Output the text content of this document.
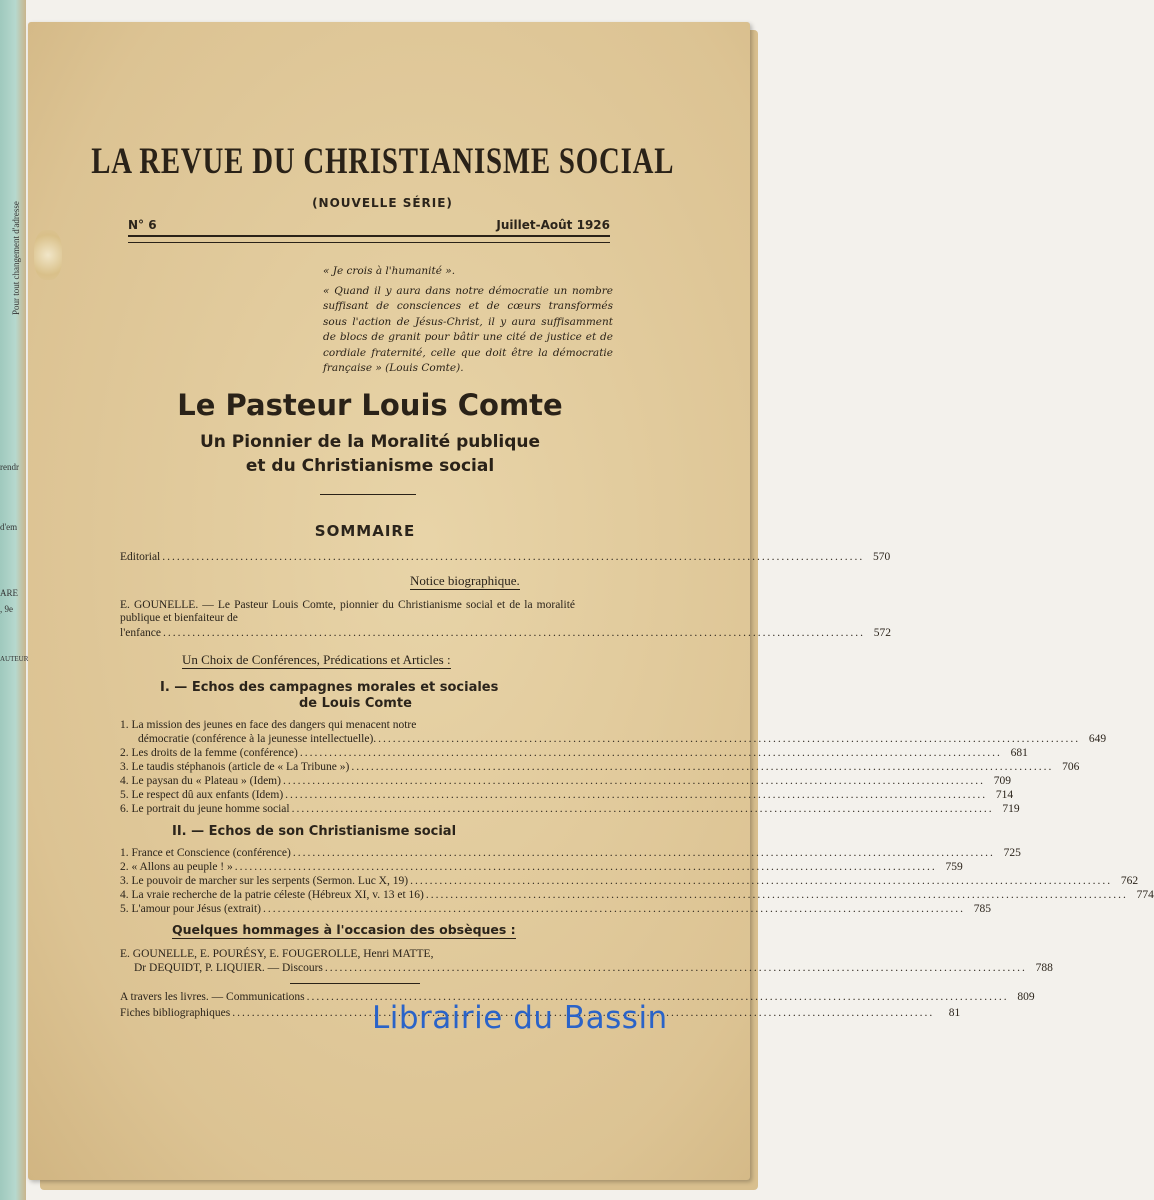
rendr
d'em
ARE
, 9e
AUTEUR
Pour tout changement d'adresse
LA REVUE DU CHRISTIANISME SOCIAL
(NOUVELLE SÉRIE)
N° 6	Juillet-Août 1926

« Je crois à l'humanité ».

« Quand il y aura dans notre démocratie un nombre suffisant de consciences et de cœurs transformés sous l'action de Jésus-Christ, il y aura suffisamment de blocs de granit pour bâtir une cité de justice et de cordiale fraternité, celle que doit être la démocratie française » (Louis Comte).

Le Pasteur Louis Comte
Un Pionnier de la Moralité publique
et du Christianisme social
SOMMAIRE
Editorial .....	570
Notice biographique.
E. GOUNELLE. — Le Pasteur Louis Comte, pionnier du Christianisme social et de la moralité publique et bienfaiteur de
l'enfance .....	572
Un Choix de Conférences, Prédications et Articles :
I. — Echos des campagnes morales et sociales
de Louis Comte
1. La mission des jeunes en face des dangers qui menacent notre
démocratie (conférence à la jeunesse intellectuelle). .....	649
2. Les droits de la femme (conférence) .....	681
3. Le taudis stéphanois (article de « La Tribune ») .....	706
4. Le paysan du « Plateau » (Idem) .....	709
5. Le respect dû aux enfants (Idem) .....	714
6. Le portrait du jeune homme social .....	719
II. — Echos de son Christianisme social
1. France et Conscience (conférence) .....	725
2. « Allons au peuple ! » .....	759
3. Le pouvoir de marcher sur les serpents (Sermon. Luc X, 19) .....	762
4. La vraie recherche de la patrie céleste (Hébreux XI, v. 13 et 16) .....	774
5. L'amour pour Jésus (extrait) .....	785
Quelques hommages à l'occasion des obsèques :
E. GOUNELLE, E. POURÉSY, E. FOUGEROLLE, Henri MATTE,
Dr DEQUIDT, P. LIQUIER. — Discours .....	788
A travers les livres. — Communications .....	809
Fiches bibliographiques .....	81
Librairie du Bassin
